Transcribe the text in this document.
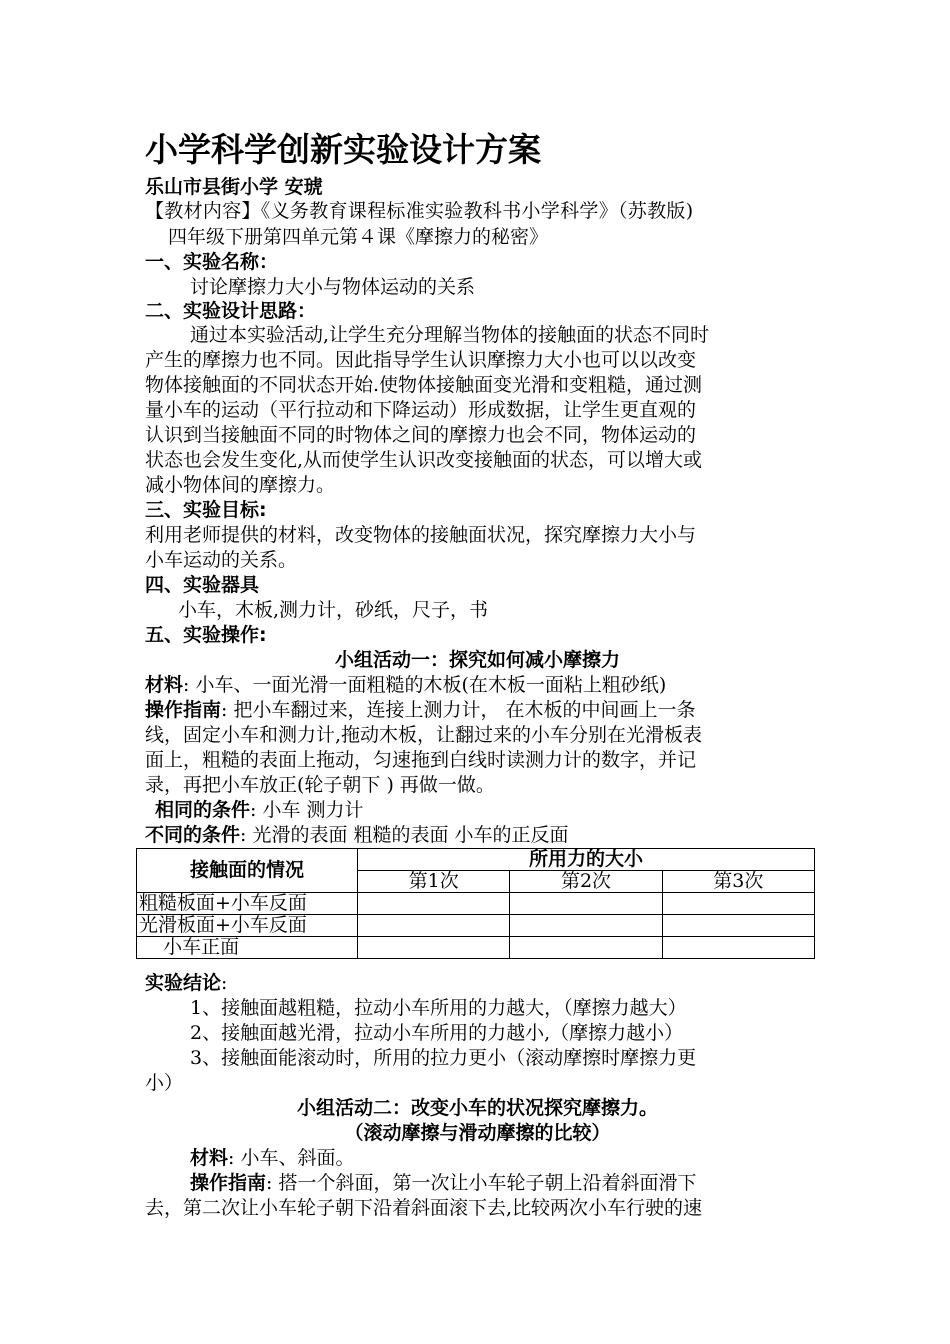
小学科学创新实验设计方案
乐山市县街小学 安琥
【教材内容】《义务教育课程标准实验教科书小学科学》（苏教版)
四年级下册第四单元第４课《摩擦力的秘密》
一、实验名称：
讨论摩擦力大小与物体运动的关系
二、实验设计思路：
通过本实验活动,让学生充分理解当物体的接触面的状态不同时
产生的摩擦力也不同。因此指导学生认识摩擦力大小也可以以改变
物体接触面的不同状态开始.使物体接触面变光滑和变粗糙，通过测
量小车的运动（平行拉动和下降运动）形成数据，让学生更直观的
认识到当接触面不同的时物体之间的摩擦力也会不同，物体运动的
状态也会发生变化,从而使学生认识改变接触面的状态，可以增大或
减小物体间的摩擦力。
三、实验目标:
利用老师提供的材料，改变物体的接触面状况，探究摩擦力大小与
小车运动的关系。
四、实验器具
小车，木板,测力计，砂纸，尺子，书
五、实验操作:
小组活动一：探究如何减小摩擦力
材料: 小车、一面光滑一面粗糙的木板(在木板一面粘上粗砂纸)
操作指南: 把小车翻过来，连接上测力计， 在木板的中间画上一条
线，固定小车和测力计,拖动木板，让翻过来的小车分别在光滑板表
面上，粗糙的表面上拖动，匀速拖到白线时读测力计的数字，并记
录，再把小车放正(轮子朝下 ) 再做一做。
相同的条件: 小车 测力计
不同的条件: 光滑的表面 粗糙的表面 小车的正反面
接触面的情况	所用力的大小		
	第1次	第2次	第3次
粗糙板面+小车反面			
光滑板面+小车反面			
小车正面			
实验结论:
1、接触面越粗糙，拉动小车所用的力越大，（摩擦力越大）
2、接触面越光滑，拉动小车所用的力越小,（摩擦力越小）
3、接触面能滚动时，所用的拉力更小（滚动摩擦时摩擦力更
小）
小组活动二：改变小车的状况探究摩擦力。
（滚动摩擦与滑动摩擦的比较）
材料: 小车、斜面。
操作指南: 搭一个斜面，第一次让小车轮子朝上沿着斜面滑下
去，第二次让小车轮子朝下沿着斜面滚下去,比较两次小车行驶的速
